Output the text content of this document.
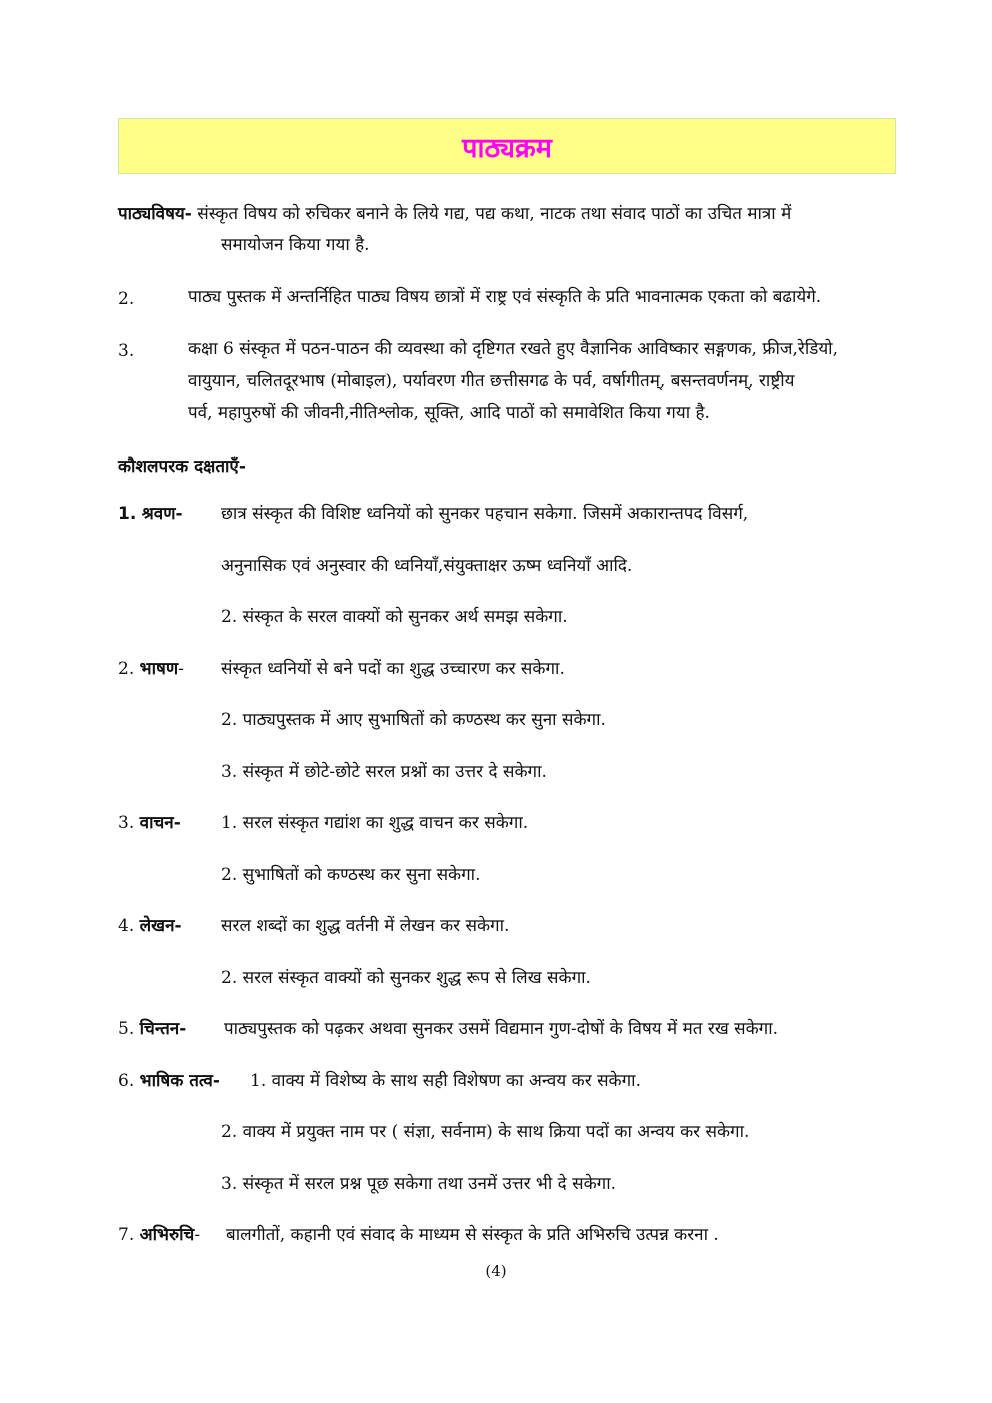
पाठ्यक्रम
पाठ्यविषय- संस्कृत विषय को रुचिकर बनाने के लिये गद्य, पद्य कथा, नाटक तथा संवाद पाठों का उचित मात्रा में
समायोजन किया गया है.
2.	पाठ्य पुस्तक में अन्तर्निहित पाठ्य विषय छात्रों में राष्ट्र एवं संस्कृति के प्रति भावनात्मक एकता को बढायेगे.
3.	कक्षा 6 संस्कृत में पठन-पाठन की व्यवस्था को दृष्टिगत रखते हुए वैज्ञानिक आविष्कार सङ्गणक, फ्रीज,रेडियो,
वायुयान, चलितदूरभाष (मोबाइल), पर्यावरण गीत छत्तीसगढ के पर्व, वर्षागीतम्, बसन्तवर्णनम्, राष्ट्रीय
पर्व, महापुरुषों की जीवनी,नीतिश्लोक, सूक्ति, आदि पाठों को समावेशित किया गया है.
कौशलपरक दक्षताएँ-
1. श्रवण- छात्र संस्कृत की विशिष्ट ध्वनियों को सुनकर पहचान सकेगा. जिसमें अकारान्तपद विसर्ग,
अनुनासिक एवं अनुस्वार की ध्वनियाँ,संयुक्ताक्षर ऊष्म ध्वनियाँ आदि.
2. संस्कृत के सरल वाक्यों को सुनकर अर्थ समझ सकेगा.
2. भाषण- संस्कृत ध्वनियों से बने पदों का शुद्ध उच्चारण कर सकेगा.
2. पाठ्यपुस्तक में आए सुभाषितों को कण्ठस्थ कर सुना सकेगा.
3. संस्कृत में छोटे-छोटे सरल प्रश्नों का उत्तर दे सकेगा.
3. वाचन- 1. सरल संस्कृत गद्यांश का शुद्ध वाचन कर सकेगा.
2. सुभाषितों को कण्ठस्थ कर सुना सकेगा.
4. लेखन- सरल शब्दों का शुद्ध वर्तनी में लेखन कर सकेगा.
2. सरल संस्कृत वाक्यों को सुनकर शुद्ध रूप से लिख सकेगा.
5. चिन्तन- पाठ्यपुस्तक को पढ़कर अथवा सुनकर उसमें विद्यमान गुण-दोषों के विषय में मत रख सकेगा.
6. भाषिक तत्व- 1. वाक्य में विशेष्य के साथ सही विशेषण का अन्वय कर सकेगा.
2. वाक्य में प्रयुक्त नाम पर ( संज्ञा, सर्वनाम) के साथ क्रिया पदों का अन्वय कर सकेगा.
3. संस्कृत में सरल प्रश्न पूछ सकेगा तथा उनमें उत्तर भी दे सकेगा.
7. अभिरुचि- बालगीतों, कहानी एवं संवाद के माध्यम से संस्कृत के प्रति अभिरुचि उत्पन्न करना .
(4)
